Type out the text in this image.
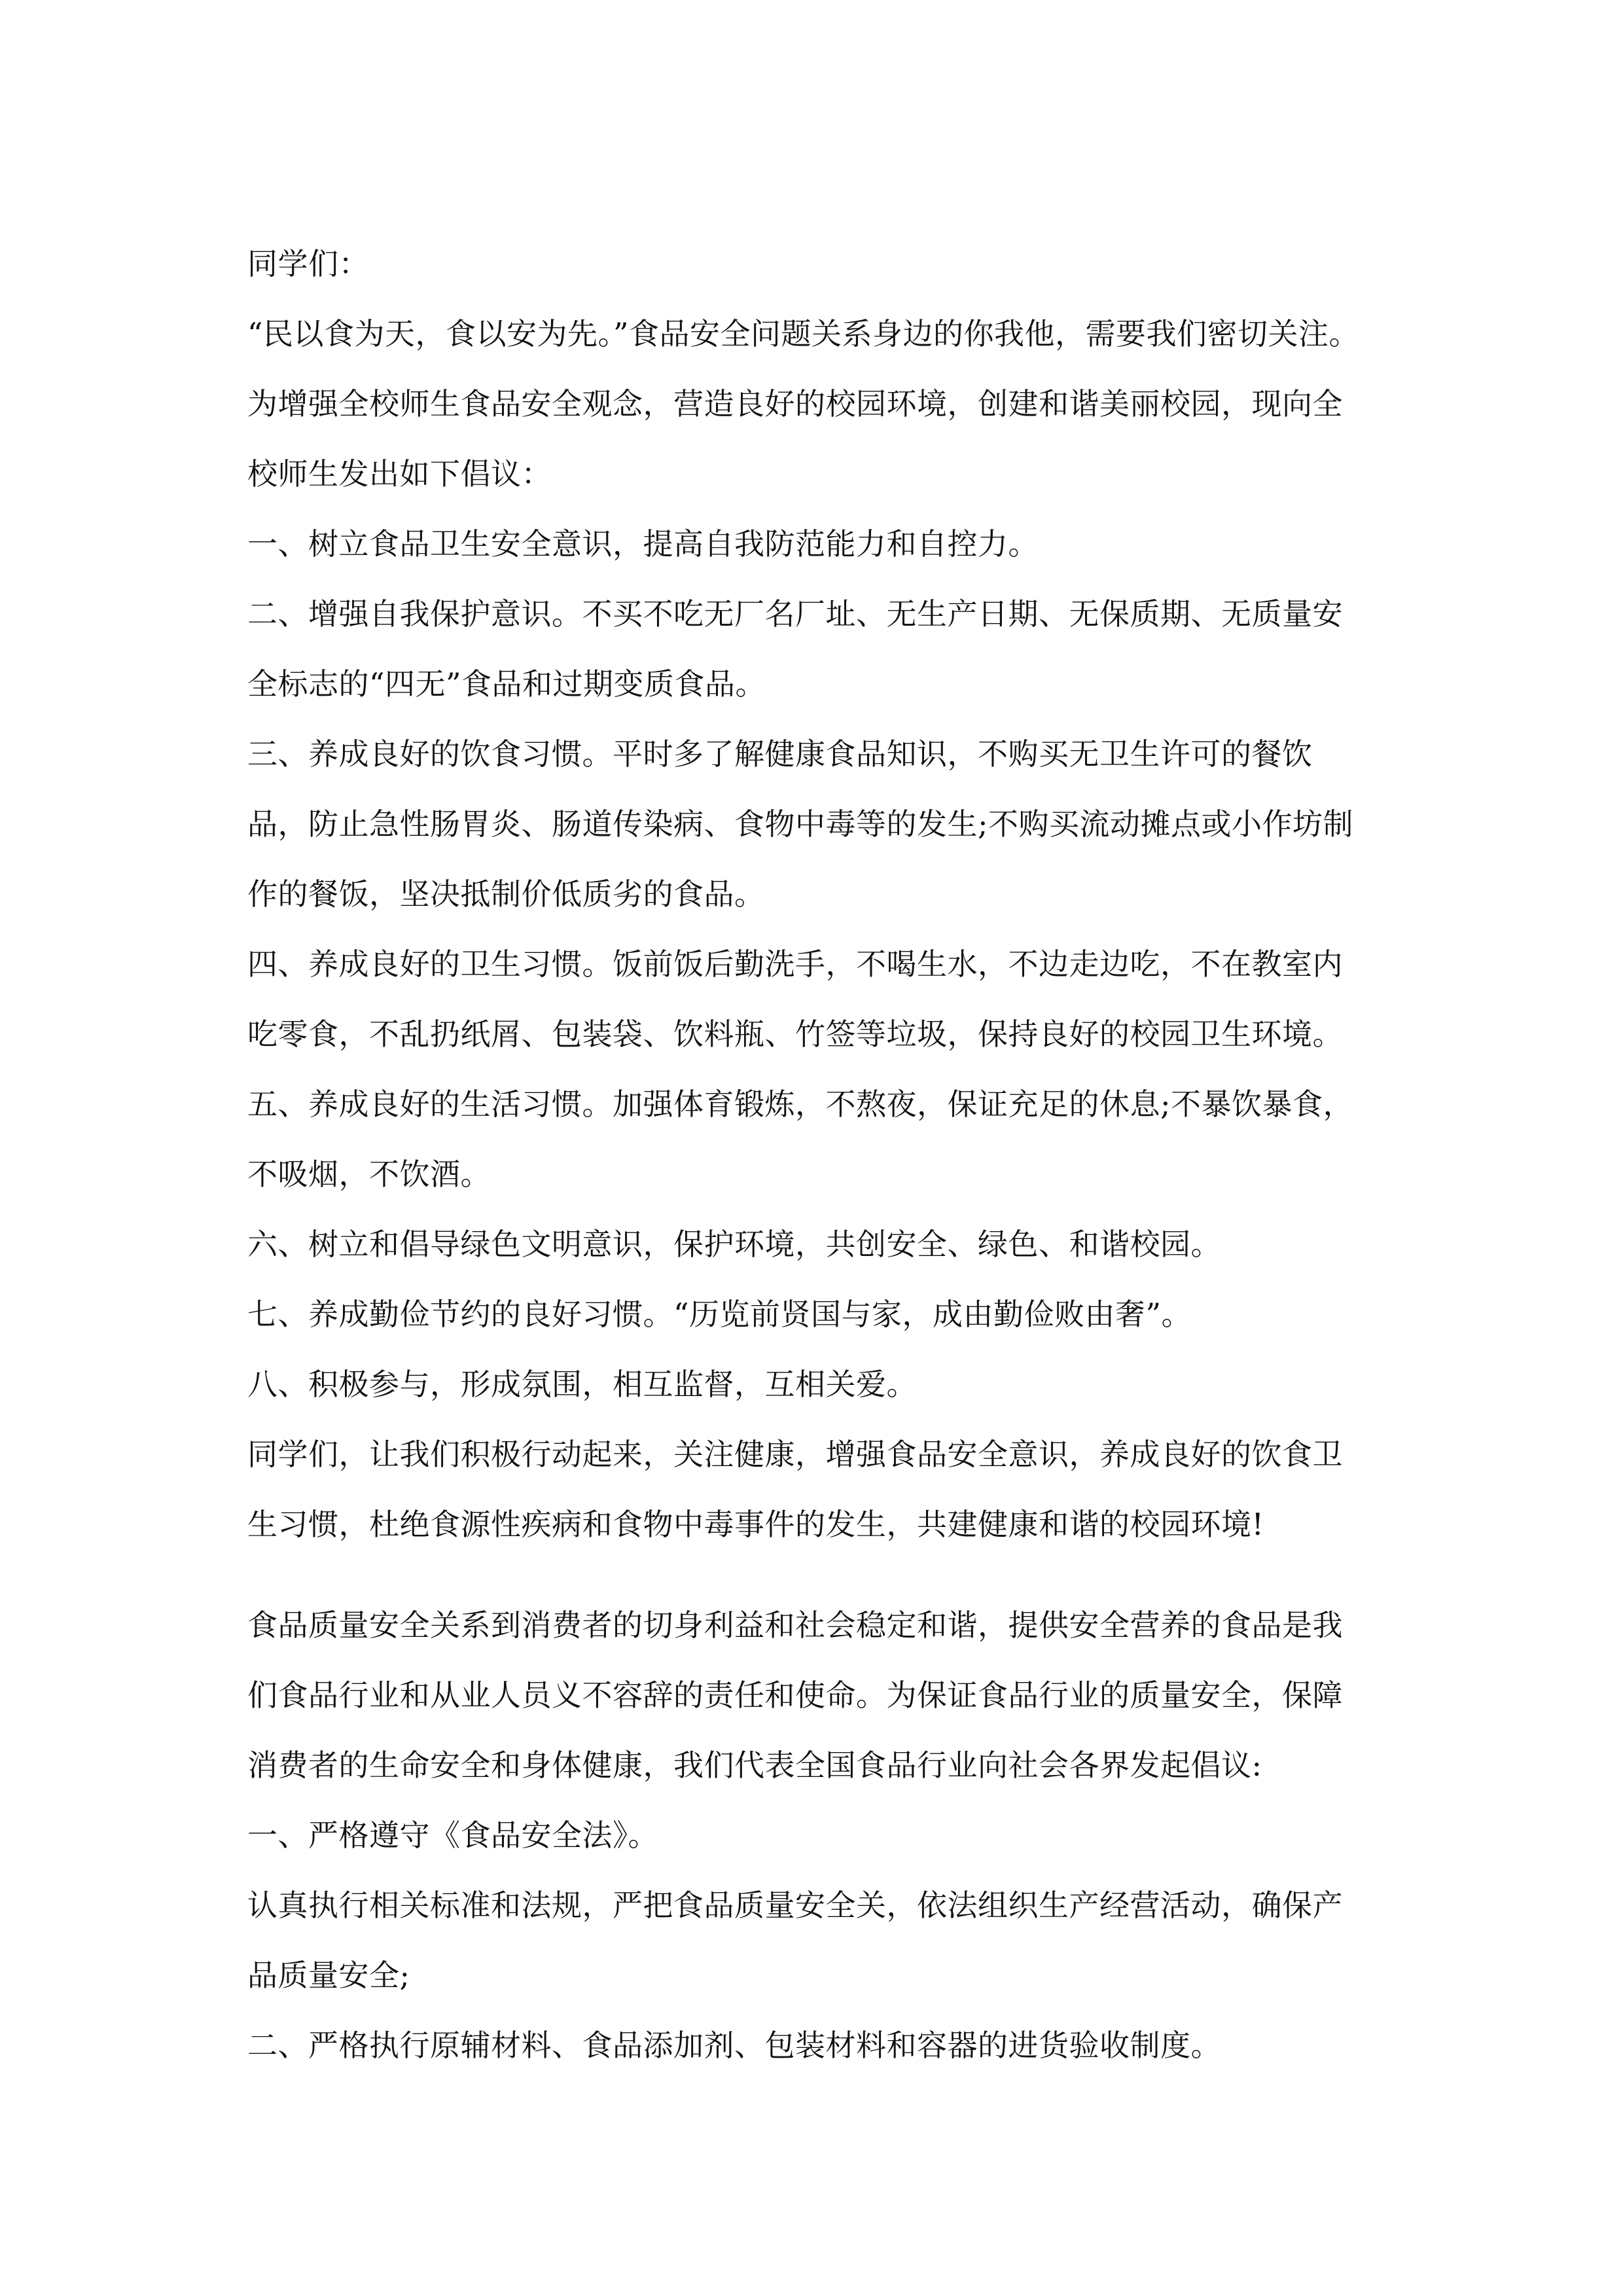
同学们：

“民以食为天，食以安为先。”食品安全问题关系身边的你我他，需要我们密切关注。为增强全校师生食品安全观念，营造良好的校园环境，创建和谐美丽校园，现向全校师生发出如下倡议：

一、树立食品卫生安全意识，提高自我防范能力和自控力。

二、增强自我保护意识。不买不吃无厂名厂址、无生产日期、无保质期、无质量安全标志的“四无”食品和过期变质食品。

三、养成良好的饮食习惯。平时多了解健康食品知识，不购买无卫生许可的餐饮品，防止急性肠胃炎、肠道传染病、食物中毒等的发生;不购买流动摊点或小作坊制作的餐饭，坚决抵制价低质劣的食品。

四、养成良好的卫生习惯。饭前饭后勤洗手，不喝生水，不边走边吃，不在教室内吃零食，不乱扔纸屑、包装袋、饮料瓶、竹签等垃圾，保持良好的校园卫生环境。

五、养成良好的生活习惯。加强体育锻炼，不熬夜，保证充足的休息;不暴饮暴食，不吸烟，不饮酒。

六、树立和倡导绿色文明意识，保护环境，共创安全、绿色、和谐校园。

七、养成勤俭节约的良好习惯。“历览前贤国与家，成由勤俭败由奢”。

八、积极参与，形成氛围，相互监督，互相关爱。

同学们，让我们积极行动起来，关注健康，增强食品安全意识，养成良好的饮食卫生习惯，杜绝食源性疾病和食物中毒事件的发生，共建健康和谐的校园环境!

食品质量安全关系到消费者的切身利益和社会稳定和谐，提供安全营养的食品是我们食品行业和从业人员义不容辞的责任和使命。为保证食品行业的质量安全，保障消费者的生命安全和身体健康，我们代表全国食品行业向社会各界发起倡议:

一、严格遵守《食品安全法》。

认真执行相关标准和法规，严把食品质量安全关，依法组织生产经营活动，确保产品质量安全;

二、严格执行原辅材料、食品添加剂、包装材料和容器的进货验收制度。
